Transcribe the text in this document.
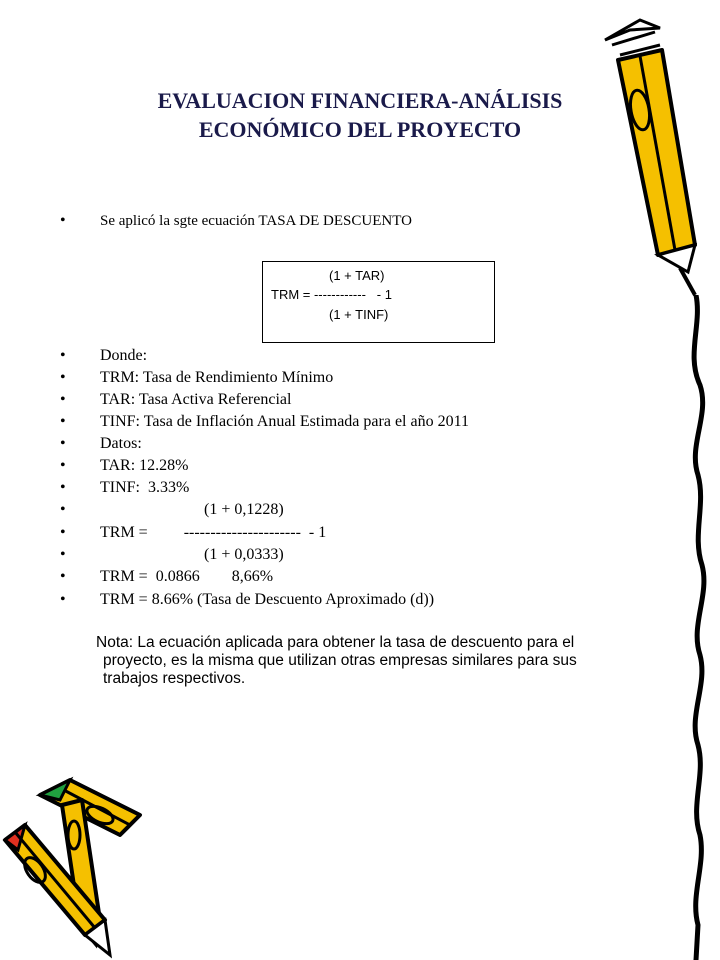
EVALUACION FINANCIERA-ANÁLISIS
ECONÓMICO DEL PROYECTO
• Se aplicó la sgte ecuación TASA DE DESCUENTO
(1 + TAR)
TRM = ------------   - 1
(1 + TINF)
• Donde:
• TRM: Tasa de Rendimiento Mínimo
• TAR: Tasa Activa Referencial
• TINF: Tasa de Inflación Anual Estimada para el año 2011
• Datos:
• TAR: 12.28%
• TINF:  3.33%
• (1 + 0,1228)
• TRM =         ----------------------  - 1
• (1 + 0,0333)
• TRM =  0.0866        8,66%
• TRM = 8.66% (Tasa de Descuento Aproximado (d))
Nota: La ecuación aplicada para obtener la tasa de descuento para el
proyecto, es la misma que utilizan otras empresas similares para sus
trabajos respectivos.
